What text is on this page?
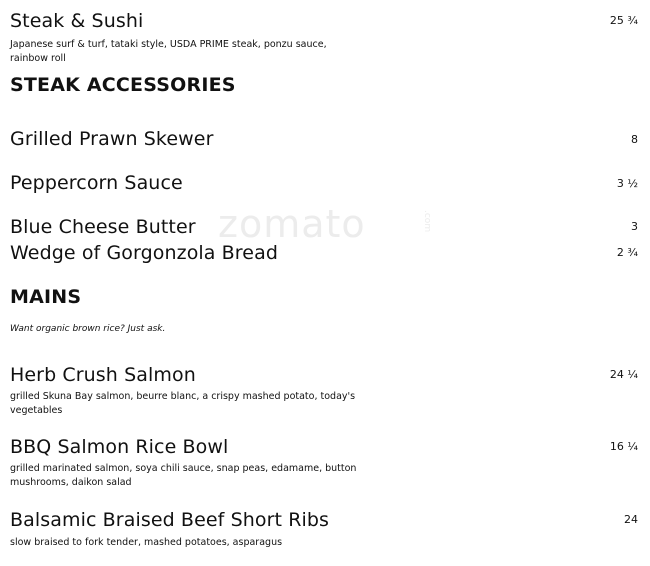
zomato	.com
Steak & Sushi	25 ¾
Japanese surf & turf, tataki style, USDA PRIME steak, ponzu sauce, rainbow roll
STEAK ACCESSORIES
Grilled Prawn Skewer	8
Peppercorn Sauce	3 ½
Blue Cheese Butter	3
Wedge of Gorgonzola Bread	2 ¾
MAINS
Want organic brown rice? Just ask.
Herb Crush Salmon	24 ¼
grilled Skuna Bay salmon, beurre blanc, a crispy mashed potato, today's vegetables
BBQ Salmon Rice Bowl	16 ¼
grilled marinated salmon, soya chili sauce, snap peas, edamame, button mushrooms, daikon salad
Balsamic Braised Beef Short Ribs	24
slow braised to fork tender, mashed potatoes, asparagus
